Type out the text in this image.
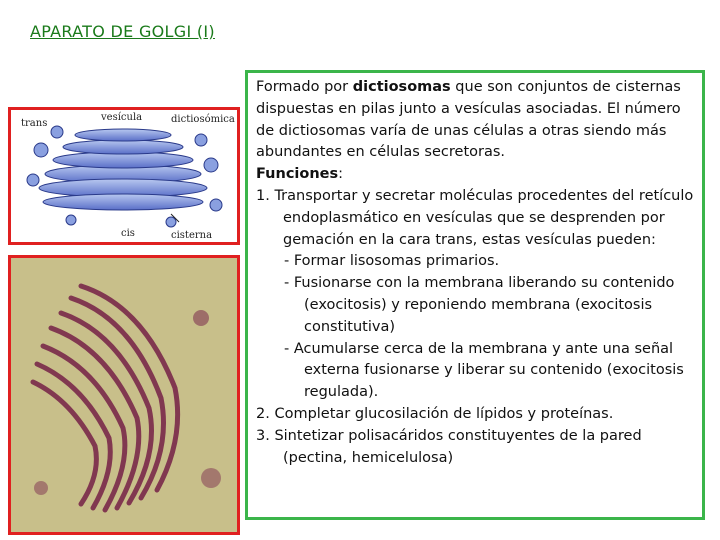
APARATO DE GOLGI (I)
trans
vesícula	dictiosómica
cis	cisterna

Formado por dictiosomas que son conjuntos de cisternas dispuestas en pilas junto a vesículas asociadas. El número de dictiosomas varía de unas células a otras siendo más abundantes en células secretoras.

Funciones:

1. Transportar y secretar moléculas procedentes del retículo endoplasmático en vesículas que se desprenden por gemación en la cara trans, estas vesículas pueden:

- Formar lisosomas primarios.

- Fusionarse con la membrana liberando su contenido (exocitosis) y reponiendo membrana (exocitosis constitutiva)

- Acumularse cerca de la membrana y ante una señal externa fusionarse y liberar su contenido (exocitosis regulada).

2. Completar glucosilación de lípidos y proteínas.

3. Sintetizar polisacáridos constituyentes de la pared (pectina, hemicelulosa)
